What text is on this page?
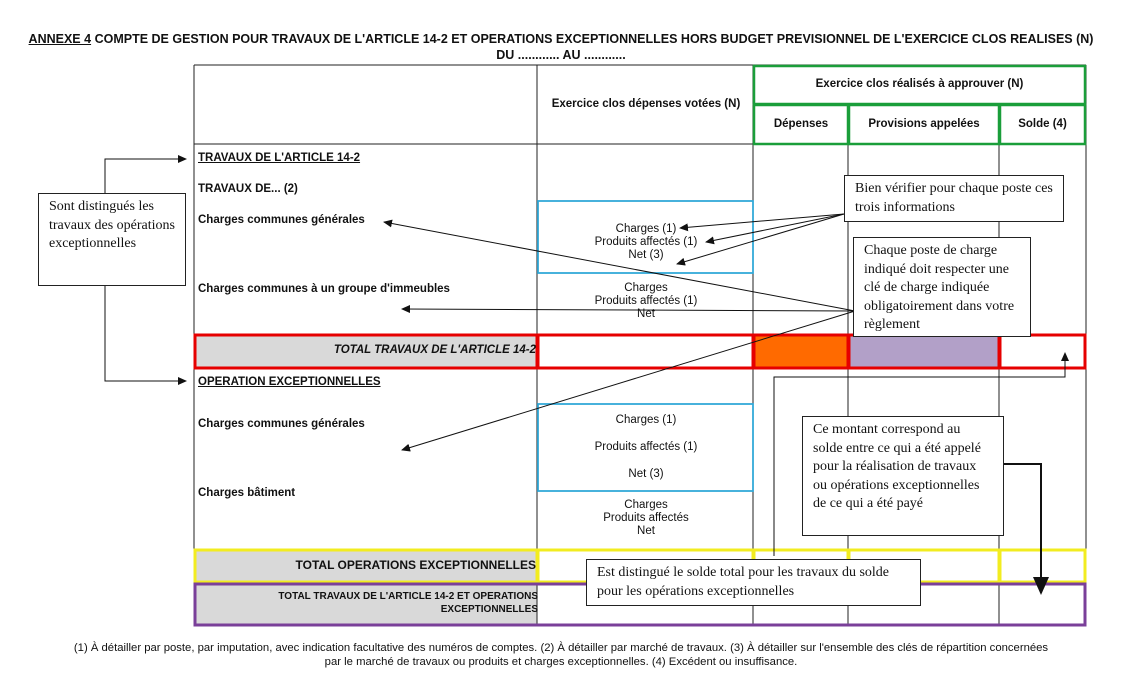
ANNEXE 4 COMPTE DE GESTION POUR TRAVAUX DE L'ARTICLE 14-2 ET OPERATIONS EXCEPTIONNELLES HORS BUDGET PREVISIONNEL DE L'EXERCICE CLOS REALISES (N)
DU ............ AU ............
Exercice clos dépenses votées (N)
Exercice clos réalisés à approuver (N)
Dépenses	Provisions appelées	Solde (4)
TRAVAUX DE L'ARTICLE 14-2
TRAVAUX DE... (2)
Charges communes générales
Charges communes à un groupe d'immeubles
TOTAL TRAVAUX DE L'ARTICLE 14-2
OPERATION EXCEPTIONNELLES
Charges communes générales
Charges bâtiment
TOTAL OPERATIONS EXCEPTIONNELLES
TOTAL TRAVAUX DE L'ARTICLE 14-2 ET OPERATIONS
EXCEPTIONNELLES
Charges (1)
Produits affectés (1)
Net (3)
Charges
Produits affectés (1)
Net
Charges (1)
Produits affectés (1)
Net (3)
Charges
Produits affectés
Net
Sont distingués les travaux des opérations exceptionnelles
Bien vérifier pour chaque poste ces trois informations
Chaque poste de charge indiqué doit respecter une clé de charge indiquée obligatoirement dans votre règlement
Ce montant correspond au solde entre ce qui a été appelé pour la réalisation de travaux ou opérations exceptionnelles de ce qui a été payé
Est distingué le solde total pour les travaux du solde pour les opérations exceptionnelles
(1) À détailler par poste, par imputation, avec indication facultative des numéros de comptes. (2) À détailler par marché de travaux. (3) À détailler sur l'ensemble des clés de répartition concernées
par le marché de travaux ou produits et charges exceptionnelles. (4) Excédent ou insuffisance.
